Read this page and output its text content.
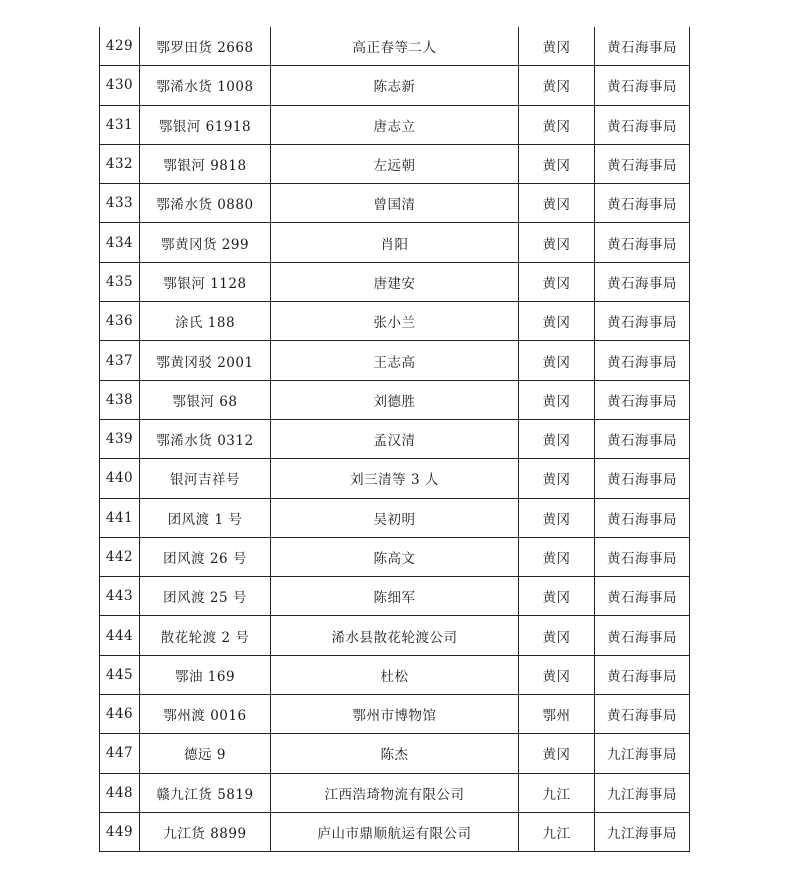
429	鄂罗田货 2668	高正春等二人	黄冈	黄石海事局
430	鄂浠水货 1008	陈志新	黄冈	黄石海事局
431	鄂银河 61918	唐志立	黄冈	黄石海事局
432	鄂银河 9818	左远朝	黄冈	黄石海事局
433	鄂浠水货 0880	曾国清	黄冈	黄石海事局
434	鄂黄冈货 299	肖阳	黄冈	黄石海事局
435	鄂银河 1128	唐建安	黄冈	黄石海事局
436	涂氏 188	张小兰	黄冈	黄石海事局
437	鄂黄冈驳 2001	王志高	黄冈	黄石海事局
438	鄂银河 68	刘德胜	黄冈	黄石海事局
439	鄂浠水货 0312	孟汉清	黄冈	黄石海事局
440	银河吉祥号	刘三清等 3 人	黄冈	黄石海事局
441	团风渡 1 号	吴初明	黄冈	黄石海事局
442	团风渡 26 号	陈高文	黄冈	黄石海事局
443	团风渡 25 号	陈细军	黄冈	黄石海事局
444	散花轮渡 2 号	浠水县散花轮渡公司	黄冈	黄石海事局
445	鄂油 169	杜松	黄冈	黄石海事局
446	鄂州渡 0016	鄂州市博物馆	鄂州	黄石海事局
447	德远 9	陈杰	黄冈	九江海事局
448	赣九江货 5819	江西浩琦物流有限公司	九江	九江海事局
449	九江货 8899	庐山市鼎顺航运有限公司	九江	九江海事局
